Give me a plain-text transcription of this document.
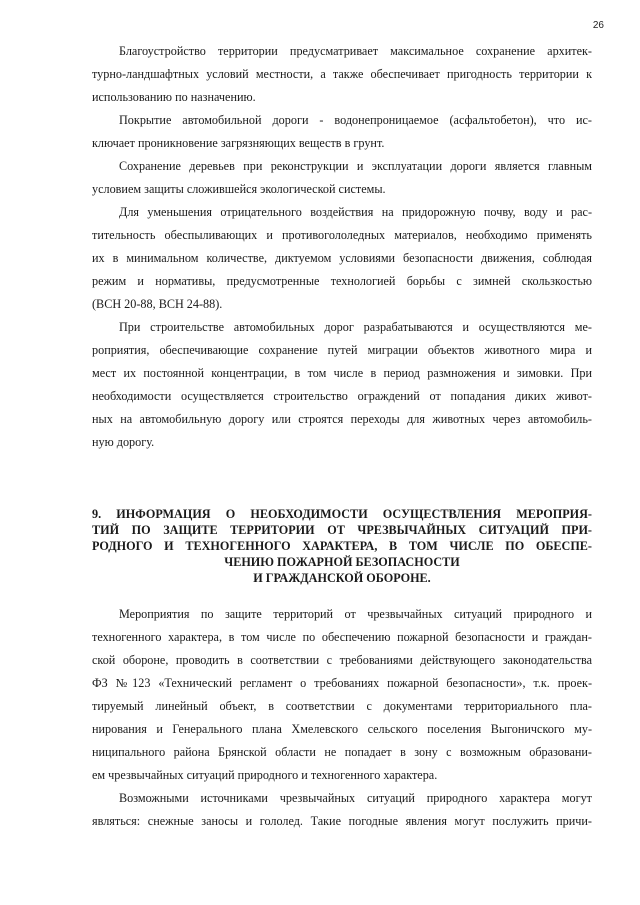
26
Благоустройство территории предусматривает максимальное сохранение архитек-
турно-ландшафтных условий местности, а также обеспечивает пригодность территории к
использованию по назначению.
Покрытие автомобильной дороги - водонепроницаемое (асфальтобетон), что ис-
ключает проникновение загрязняющих веществ в грунт.
Сохранение деревьев при реконструкции и эксплуатации дороги является главным
условием защиты сложившейся экологической системы.
Для уменьшения отрицательного воздействия на придорожную почву, воду и рас-
тительность обеспыливающих и противогололедных материалов, необходимо применять
их в минимальном количестве, диктуемом условиями безопасности движения, соблюдая
режим и нормативы, предусмотренные технологией борьбы с зимней скользкостью
(ВСН 20-88, ВСН 24-88).
При строительстве автомобильных дорог разрабатываются и осуществляются ме-
роприятия, обеспечивающие сохранение путей миграции объектов животного мира и
мест их постоянной концентрации, в том числе в период размножения и зимовки. При
необходимости осуществляется строительство ограждений от попадания диких живот-
ных на автомобильную дорогу или строятся переходы для животных через автомобиль-
ную дорогу.
9. ИНФОРМАЦИЯ О НЕОБХОДИМОСТИ ОСУЩЕСТВЛЕНИЯ МЕРОПРИЯ-
ТИЙ ПО ЗАЩИТЕ ТЕРРИТОРИИ ОТ ЧРЕЗВЫЧАЙНЫХ СИТУАЦИЙ ПРИ-
РОДНОГО И ТЕХНОГЕННОГО ХАРАКТЕРА, В ТОМ ЧИСЛЕ ПО ОБЕСПЕ-
ЧЕНИЮ ПОЖАРНОЙ БЕЗОПАСНОСТИ
И ГРАЖДАНСКОЙ ОБОРОНЕ.
Мероприятия по защите территорий от чрезвычайных ситуаций природного и
техногенного характера, в том числе по обеспечению пожарной безопасности и граждан-
ской обороне, проводить в соответствии с требованиями действующего законодательства
ФЗ №123 «Технический регламент о требованиях пожарной безопасности», т.к. проек-
тируемый линейный объект, в соответствии с документами территориального пла-
нирования и Генерального плана Хмелевского сельского поселения Выгоничского му-
ниципального района Брянской области не попадает в зону с возможным образовани-
ем чрезвычайных ситуаций природного и техногенного характера.
Возможными источниками чрезвычайных ситуаций природного характера могут
являться: снежные заносы и гололед. Такие погодные явления могут послужить причи-
